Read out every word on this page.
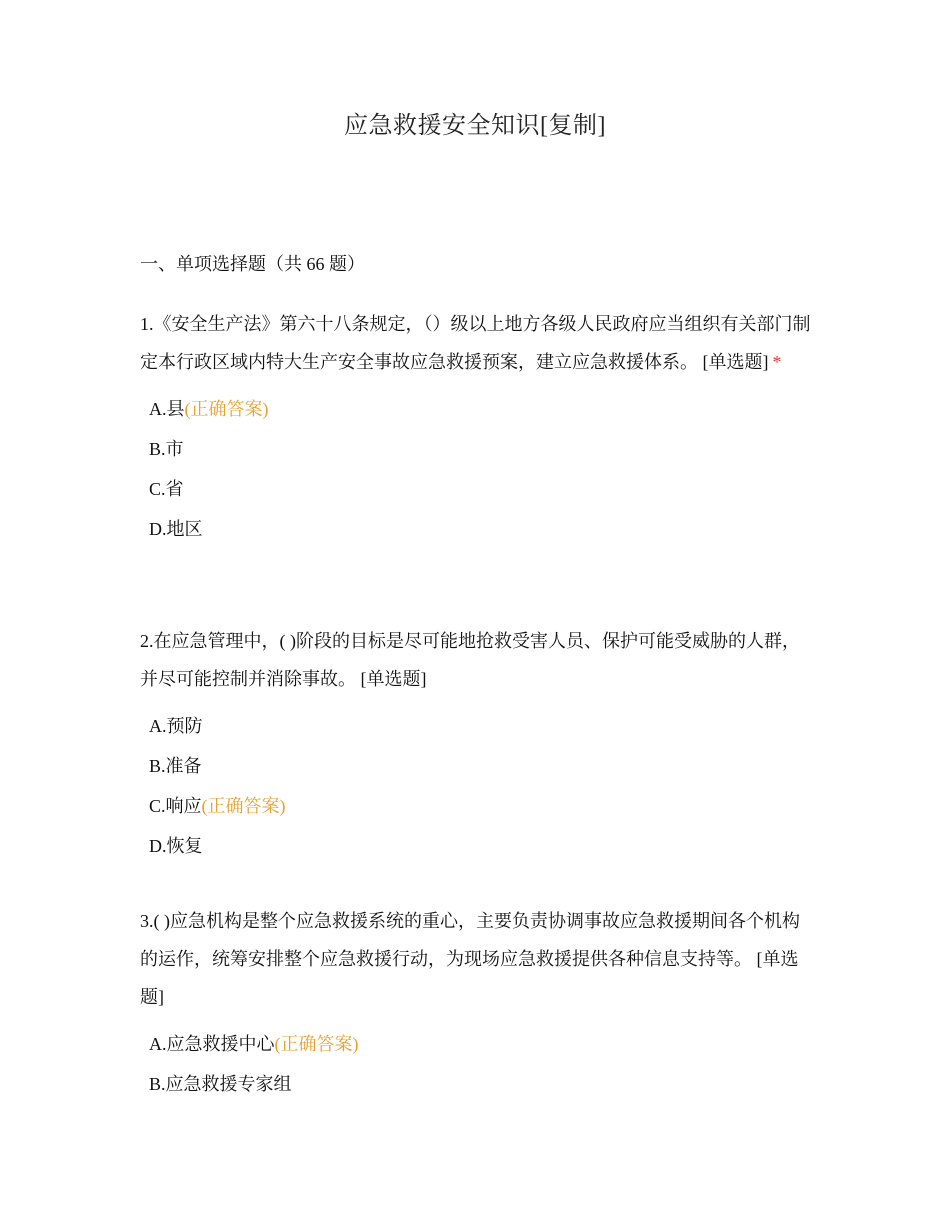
应急救援安全知识[复制]
一、单项选择题（共 66 题）

1.《安全生产法》第六十八条规定，（）级以上地方各级人民政府应当组织有关部门制定本行政区域内特大生产安全事故应急救援预案，建立应急救援体系。 [单选题] *

A.县(正确答案)
B.市
C.省
D.地区

2.在应急管理中，( )阶段的目标是尽可能地抢救受害人员、保护可能受威胁的人群，并尽可能控制并消除事故。 [单选题]

A.预防
B.准备
C.响应(正确答案)
D.恢复

3.( )应急机构是整个应急救援系统的重心，主要负责协调事故应急救援期间各个机构的运作，统筹安排整个应急救援行动，为现场应急救援提供各种信息支持等。 [单选题]

A.应急救援中心(正确答案)
B.应急救援专家组
